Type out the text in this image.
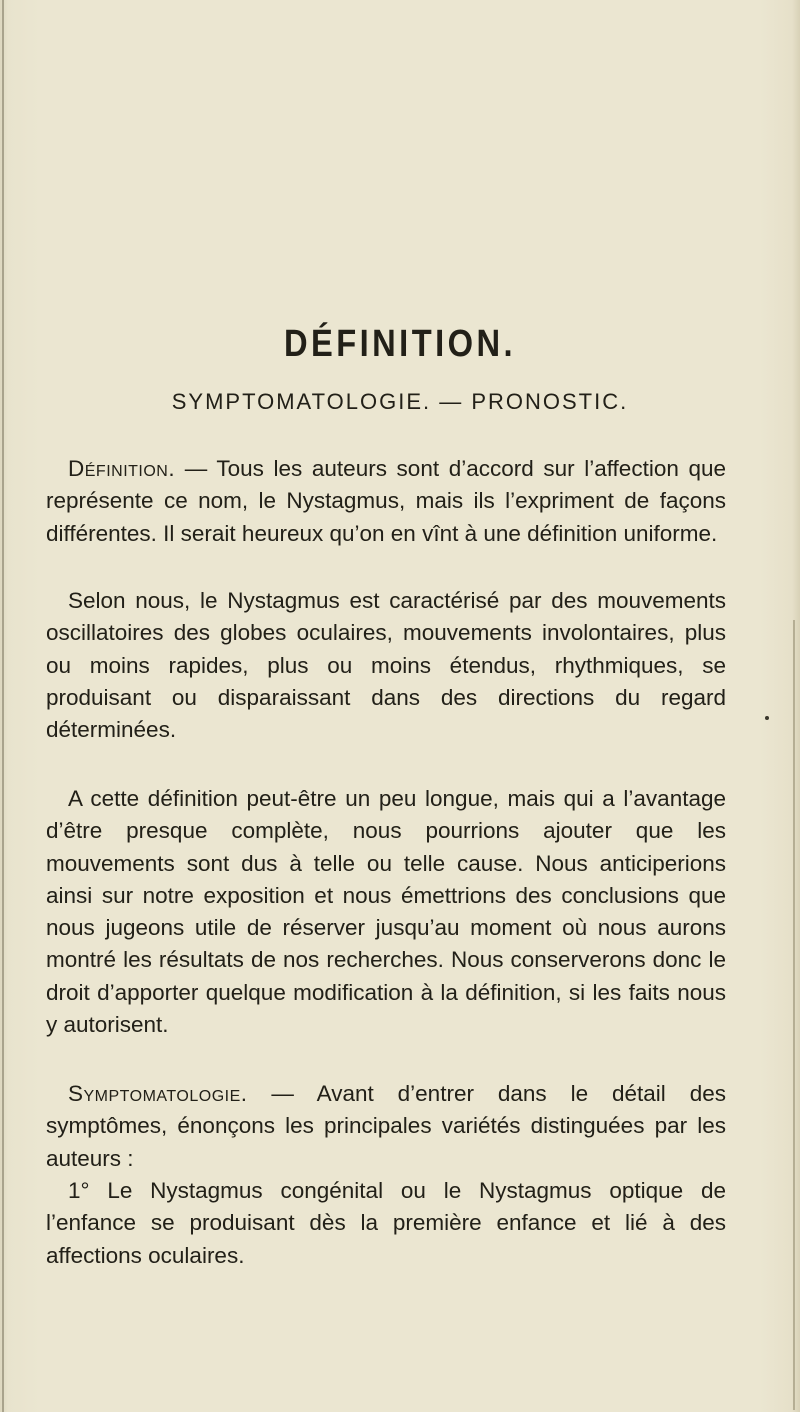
DÉFINITION.
SYMPTOMATOLOGIE. — PRONOSTIC.

Définition. — Tous les auteurs sont d’accord sur l’affection que représente ce nom, le Nystagmus, mais ils l’expriment de façons différentes. Il serait heureux qu’on en vînt à une définition uniforme.

Selon nous, le Nystagmus est caractérisé par des mouvements oscillatoires des globes oculaires, mouvements involontaires, plus ou moins rapides, plus ou moins étendus, rhythmiques, se produisant ou disparaissant dans des directions du regard déterminées.

A cette définition peut-être un peu longue, mais qui a l’avantage d’être presque complète, nous pourrions ajouter que les mouvements sont dus à telle ou telle cause. Nous anticiperions ainsi sur notre exposition et nous émettrions des conclusions que nous jugeons utile de réserver jusqu’au moment où nous aurons montré les résultats de nos recherches. Nous conserverons donc le droit d’apporter quelque modification à la définition, si les faits nous y autorisent.

Symptomatologie. — Avant d’entrer dans le détail des symptômes, énonçons les principales variétés distinguées par les auteurs :

1° Le Nystagmus congénital ou le Nystagmus optique de l’enfance se produisant dès la première enfance et lié à des affections oculaires.
